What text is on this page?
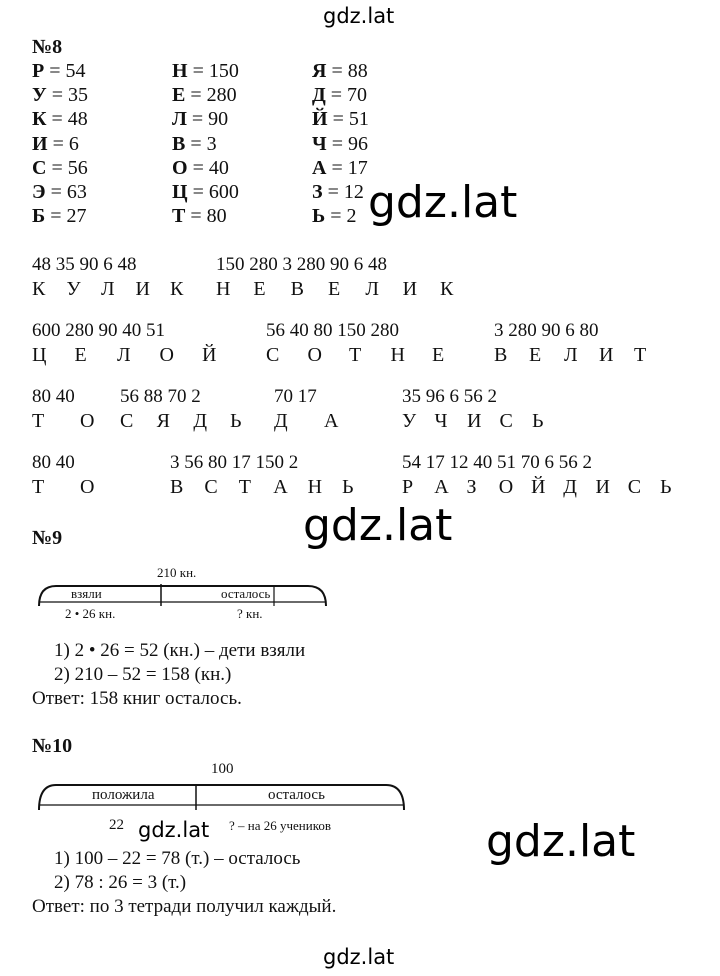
gdz.lat
gdz.lat
gdz.lat
gdz.lat	gdz.lat
gdz.lat
№8
Р = 54	Н = 150	Я = 88
У = 35	Е = 280	Д = 70
К = 48	Л = 90	Й = 51
И = 6	В = 3	Ч = 96
С = 56	О = 40	А = 17
Э = 63	Ц = 600	З = 12
Б = 27	Т = 80	Ь = 2
48 35 90 6 48
К У Л И К
150 280 3 280 90 6 48
Н Е В Е Л И К
600 280 90 40 51
Ц Е Л О Й
56 40 80 150 280
С О Т Н Е
3 280 90 6 80
В Е Л И Т
80 40
Т О
56 88 70 2
С Я Д Ь
70 17
Д А
35 96 6 56 2
У Ч И С Ь
80 40
Т О
3 56 80 17 150 2
В С Т А Н Ь
54 17 12 40 51 70 6 56 2
Р А З О Й Д И С Ь
№9
210 кн.
взяли	осталось
2 • 26 кн.	? кн.
1) 2 • 26 = 52 (кн.) – дети взяли
2) 210 – 52 = 158 (кн.)
Ответ: 158 книг осталось.
№10
100
положила	осталось
22	? – на 26 учеников
1) 100 – 22 = 78 (т.) – осталось
2) 78 : 26 = 3 (т.)
Ответ: по 3 тетради получил каждый.
